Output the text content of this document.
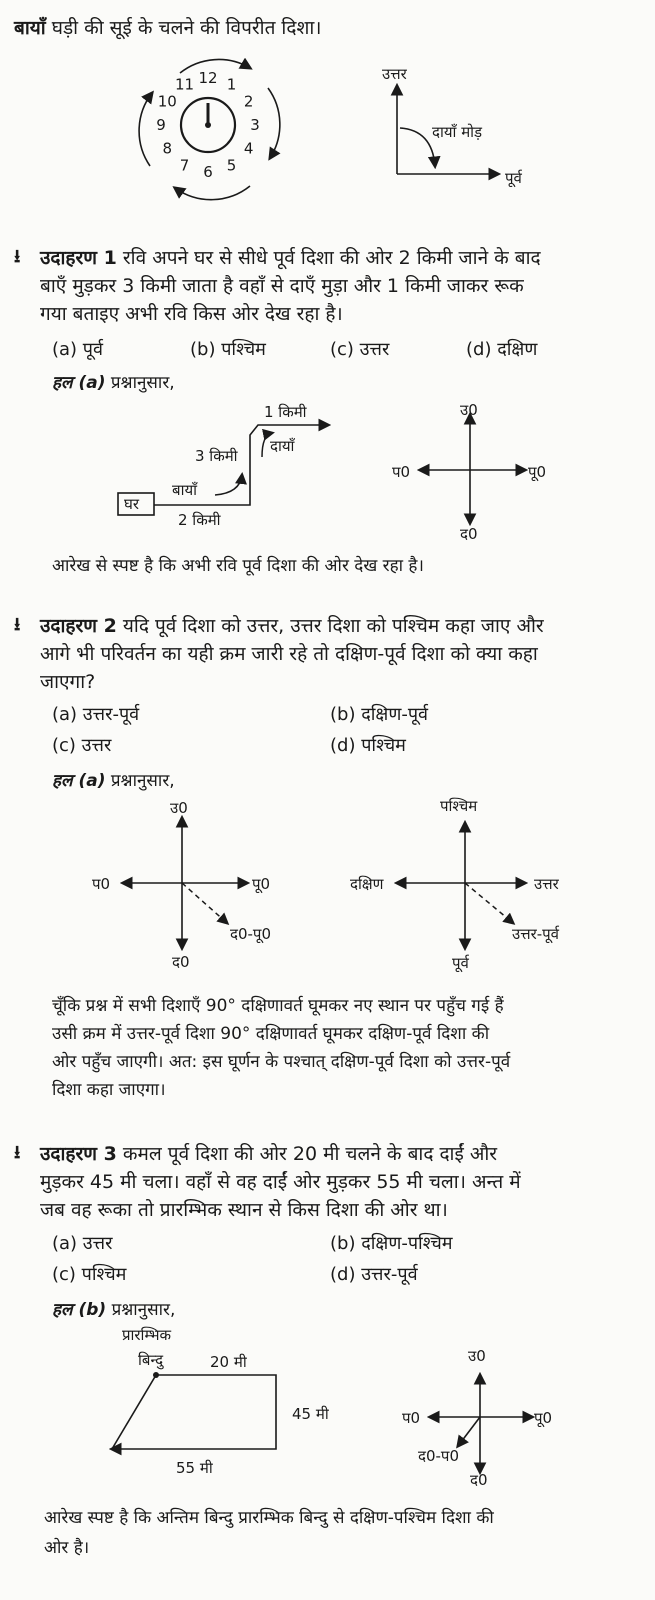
बायाँ घड़ी की सूई के चलने की विपरीत दिशा।
12 1
2
3
4
5
6
7
8
9
10
11
उत्तर
दायाँ मोड़
पूर्व
⭳ उदाहरण 1 रवि अपने घर से सीधे पूर्व दिशा की ओर 2 किमी जाने के बाद
बाएँ मुड़कर 3 किमी जाता है वहाँ से दाएँ मुड़ा और 1 किमी जाकर रूक
गया बताइए अभी रवि किस ओर देख रहा है।
(a) पूर्व	(b) पश्चिम	(c) उत्तर	(d) दक्षिण
हल (a) प्रश्नानुसार,
घर
2 किमी
बायाँ
3 किमी
दायाँ
1 किमी	उ0
द0
पू0
प0
आरेख से स्पष्ट है कि अभी रवि पूर्व दिशा की ओर देख रहा है।
⭳ उदाहरण 2 यदि पूर्व दिशा को उत्तर, उत्तर दिशा को पश्चिम कहा जाए और
आगे भी परिवर्तन का यही क्रम जारी रहे तो दक्षिण-पूर्व दिशा को क्या कहा
जाएगा?
(a) उत्तर-पूर्व	(b) दक्षिण-पूर्व
(c) उत्तर	(d) पश्चिम
हल (a) प्रश्नानुसार,
उ0
द0
पू0
प0
द0-पू0
पश्चिम
पूर्व
उत्तर
दक्षिण
उत्तर-पूर्व
चूँकि प्रश्न में सभी दिशाएँ 90° दक्षिणावर्त घूमकर नए स्थान पर पहुँच गई हैं
उसी क्रम में उत्तर-पूर्व दिशा 90° दक्षिणावर्त घूमकर दक्षिण-पूर्व दिशा की
ओर पहुँच जाएगी। अत: इस घूर्णन के पश्चात् दक्षिण-पूर्व दिशा को उत्तर-पूर्व
दिशा कहा जाएगा।
⭳ उदाहरण 3 कमल पूर्व दिशा की ओर 20 मी चलने के बाद दाईं और
मुड़कर 45 मी चला। वहाँ से वह दाईं ओर मुड़कर 55 मी चला। अन्त में
जब वह रूका तो प्रारम्भिक स्थान से किस दिशा की ओर था।
(a) उत्तर	(b) दक्षिण-पश्चिम
(c) पश्चिम	(d) उत्तर-पूर्व
हल (b) प्रश्नानुसार,
प्रारम्भिक
बिन्दु	20 मी
45 मी
55 मी
उ0
द0
पू0
प0
द0-प0
आरेख स्पष्ट है कि अन्तिम बिन्दु प्रारम्भिक बिन्दु से दक्षिण-पश्चिम दिशा की
ओर है।
